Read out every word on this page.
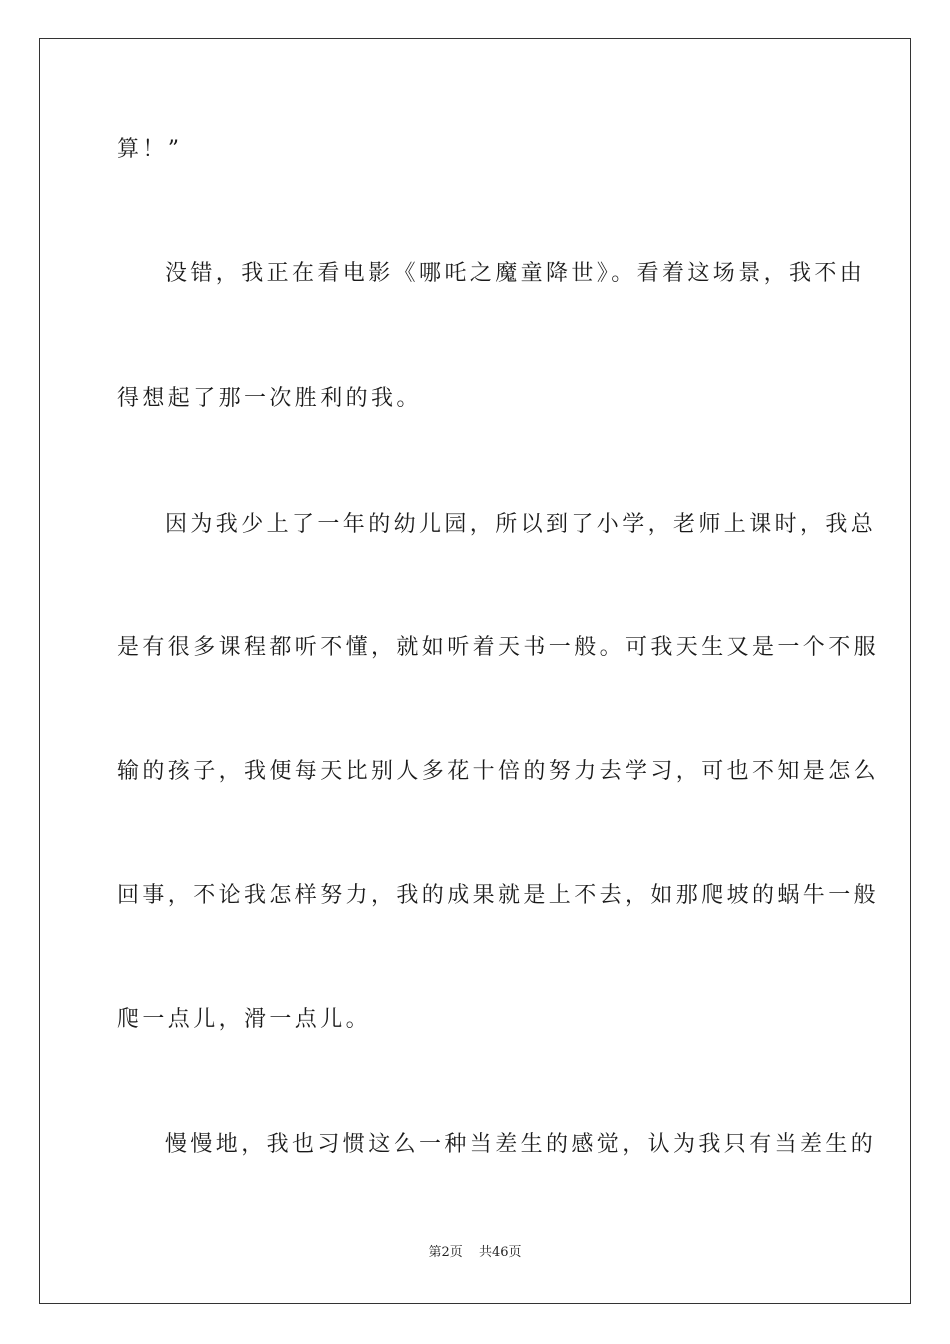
算！”
没错，我正在看电影《哪吒之魔童降世》。看着这场景，我不由
得想起了那一次胜利的我。
因为我少上了一年的幼儿园，所以到了小学，老师上课时，我总
是有很多课程都听不懂，就如听着天书一般。可我天生又是一个不服
输的孩子，我便每天比别人多花十倍的努力去学习，可也不知是怎么
回事，不论我怎样努力，我的成果就是上不去，如那爬坡的蜗牛一般
爬一点儿，滑一点儿。
慢慢地，我也习惯这么一种当差生的感觉，认为我只有当差生的
第2页 共46页
